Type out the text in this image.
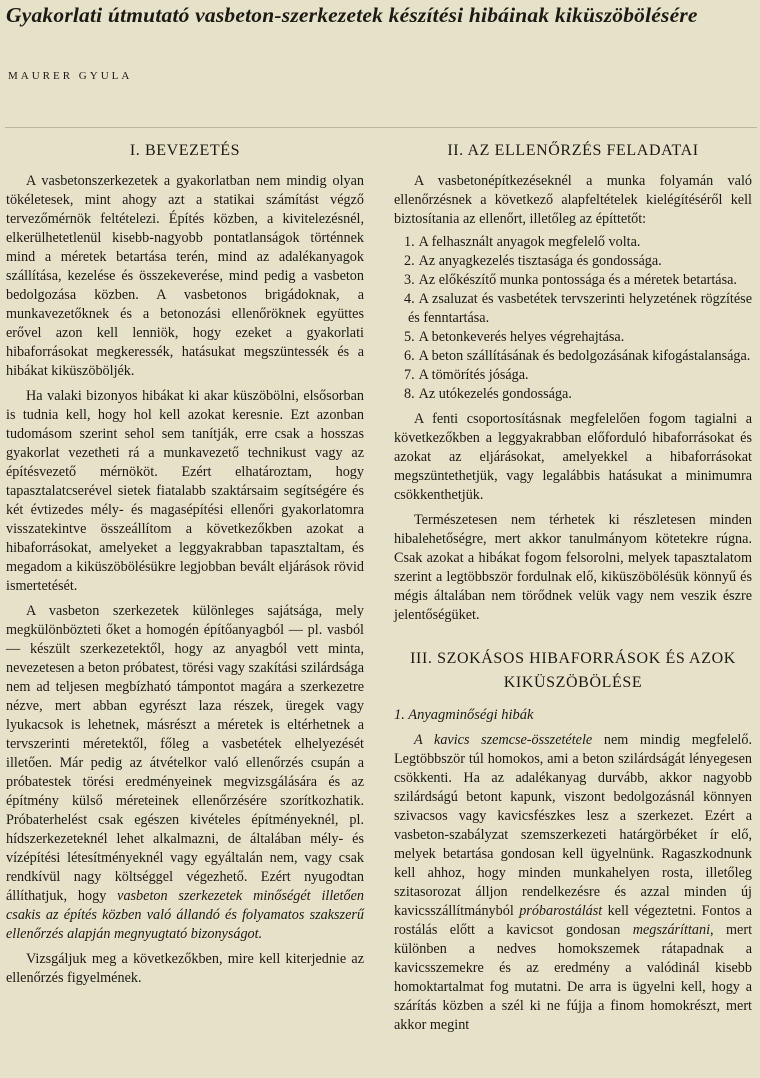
Gyakorlati útmutató vasbeton-szerkezetek készítési hibáinak kiküszöbölésére
MAURER GYULA
I. BEVEZETÉS

A vasbetonszerkezetek a gyakorlatban nem mindig olyan tökéletesek, mint ahogy azt a statikai számítást végző tervezőmérnök feltételezi. Építés közben, a kivitelezésnél, elkerülhetetlenül kisebb-nagyobb pontatlanságok történnek mind a méretek betartása terén, mind az adalékanyagok szállítása, kezelése és összekeverése, mind pedig a vasbeton bedolgozása közben. A vasbetonos brigádoknak, a munkavezetőknek és a betonozási ellenőröknek együttes erővel azon kell lenniök, hogy ezeket a gyakorlati hibaforrásokat megkeressék, hatásukat megszüntessék és a hibákat kiküszöböljék.

Ha valaki bizonyos hibákat ki akar küszöbölni, elsősorban is tudnia kell, hogy hol kell azokat keresnie. Ezt azonban tudomásom szerint sehol sem tanítják, erre csak a hosszas gyakorlat vezetheti rá a munkavezető technikust vagy az építésvezető mérnököt. Ezért elhatároztam, hogy tapasztalatcserével sietek fiatalabb szaktársaim segítségére és két évtizedes mély- és magasépítési ellenőri gyakorlatomra visszatekintve összeállítom a következőkben azokat a hibaforrásokat, amelyeket a leggyakrabban tapasztaltam, és megadom a kiküszöbölésükre legjobban bevált eljárások rövid ismertetését.

A vasbeton szerkezetek különleges sajátsága, mely megkülönbözteti őket a homogén építőanyagból — pl. vasból — készült szerkezetektől, hogy az anyagból vett minta, nevezetesen a beton próbatest, törési vagy szakítási szilárdsága nem ad teljesen megbízható támpontot magára a szerkezetre nézve, mert abban egyrészt laza részek, üregek vagy lyukacsok is lehetnek, másrészt a méretek is eltérhetnek a tervszerinti méretektől, főleg a vasbetétek elhelyezését illetően. Már pedig az átvételkor való ellenőrzés csupán a próbatestek törési eredményeinek megvizsgálására és az építmény külső méreteinek ellenőrzésére szorítkozhatik. Próbaterhelést csak egészen kivételes építményeknél, pl. hídszerkezeteknél lehet alkalmazni, de általában mély- és vízépítési létesítményeknél vagy egyáltalán nem, vagy csak rendkívül nagy költséggel végezhető. Ezért nyugodtan állíthatjuk, hogy vasbeton szerkezetek minőségét illetően csakis az építés közben való állandó és folyamatos szakszerű ellenőrzés alapján megnyugtató bizonyságot.

Vizsgáljuk meg a következőkben, mire kell kiterjednie az ellenőrzés figyelmének.

II. AZ ELLENŐRZÉS FELADATAI

A vasbetonépítkezéseknél a munka folyamán való ellenőrzésnek a következő alapfeltételek kielégítéséről kell biztosítania az ellenőrt, illetőleg az építtetőt:

1. A felhasznált anyagok megfelelő volta.
2. Az anyagkezelés tisztasága és gondossága.
3. Az előkészítő munka pontossága és a méretek betartása.
4. A zsaluzat és vasbetétek tervszerinti helyzetének rögzítése és fenntartása.
5. A betonkeverés helyes végrehajtása.
6. A beton szállításának és bedolgozásának kifogástalansága.
7. A tömörítés jósága.
8. Az utókezelés gondossága.

A fenti csoportosításnak megfelelően fogom tagialni a következőkben a leggyakrabban előforduló hibaforrásokat és azokat az eljárásokat, amelyekkel a hibaforrásokat megszüntethetjük, vagy legalábbis hatásukat a minimumra csökkenthetjük.

Természetesen nem térhetek ki részletesen minden hibalehetőségre, mert akkor tanulmányom kötetekre rúgna. Csak azokat a hibákat fogom felsorolni, melyek tapasztalatom szerint a legtöbbször fordulnak elő, kiküszöbölésük könnyű és mégis általában nem törődnek velük vagy nem veszik észre jelentőségüket.

III. SZOKÁSOS HIBAFORRÁSOK ÉS AZOK KIKÜSZÖBÖLÉSE
1. Anyagminőségi hibák

A kavics szemcse-összetétele nem mindig megfelelő. Legtöbbször túl homokos, ami a beton szilárdságát lényegesen csökkenti. Ha az adalékanyag durvább, akkor nagyobb szilárdságú betont kapunk, viszont bedolgozásnál könnyen szivacsos vagy kavicsfészkes lesz a szerkezet. Ezért a vasbeton-szabályzat szemszerkezeti határgörbéket ír elő, melyek betartása gondosan kell ügyelnünk. Ragaszkodnunk kell ahhoz, hogy minden munkahelyen rosta, illetőleg szitasorozat álljon rendelkezésre és azzal minden új kavicsszállítmányból próbarostálást kell végeztetni. Fontos a rostálás előtt a kavicsot gondosan megszáríttani, mert különben a nedves homokszemek rátapadnak a kavicsszemekre és az eredmény a valódinál kisebb homoktartalmat fog mutatni. De arra is ügyelni kell, hogy a szárítás közben a szél ki ne fújja a finom homokrészt, mert akkor megint
